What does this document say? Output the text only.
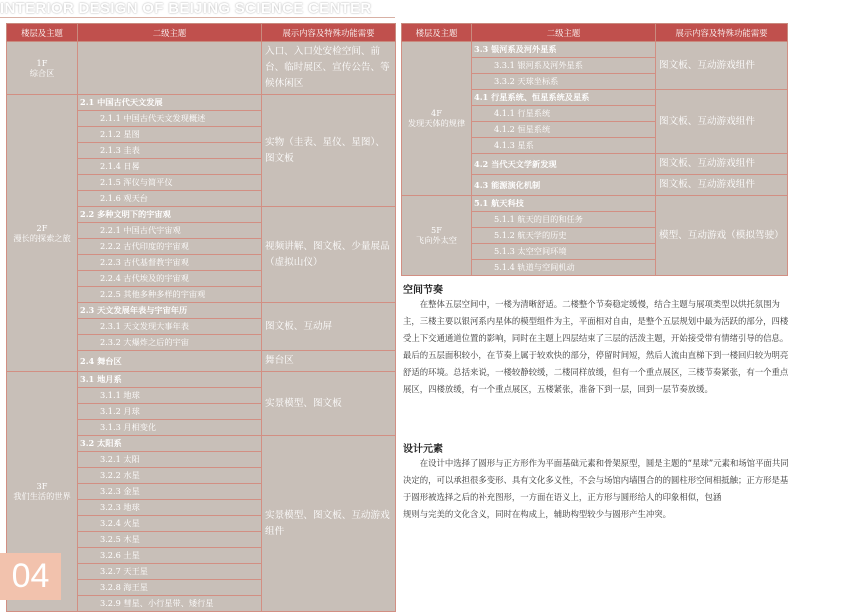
INTERIOR DESIGN OF BEIJING SCIENCE CENTER
楼层及主题	二级主题	展示内容及特殊功能需要
1F
综合区		入口、入口处安检空间、前台、临时展区、宣传公告、等候休闲区
2F
漫长的探索之旅	2.1 中国古代天文发展	实物（圭表、星仪、星图）、图文板
	2.1.1 中国古代天文发现概述	
	2.1.2 星图	
	2.1.3 圭表	
	2.1.4 日晷	
	2.1.5 浑仪与简平仪	
	2.1.6 观天台	
	2.2 多种文明下的宇宙观	视频讲解、图文板、少量展品（虚拟山仪）
	2.2.1 中国古代宇宙观	
	2.2.2 古代印度的宇宙观	
	2.2.3 古代基督教宇宙观	
	2.2.4 古代埃及的宇宙观	
	2.2.5 其他多种多样的宇宙观	
	2.3 天文发展年表与宇宙年历	图文板、互动屏
	2.3.1 天文发现大事年表	
	2.3.2 大爆炸之后的宇宙	
	2.4 舞台区	舞台区
3F
我们生活的世界	3.1 地月系	实景模型、图文板
	3.1.1 地球	
	3.1.2 月球	
	3.1.3 月相变化	
	3.2 太阳系	实景模型、图文板、互动游戏组件
	3.2.1 太阳	
	3.2.2 水星	
	3.2.3 金星	
	3.2.3 地球	
	3.2.4 火星	
	3.2.5 木星	
	3.2.6 土星	
	3.2.7 天王星	
	3.2.8 海王星	
	3.2.9 彗星、小行星带、矮行星	
楼层及主题	二级主题	展示内容及特殊功能需要
4F
发现天体的规律	3.3 银河系及河外星系	图文板、互动游戏组件
	3.3.1 银河系及河外星系	
	3.3.2 天球坐标系	
	4.1 行星系统、恒星系统及星系	图文板、互动游戏组件
	4.1.1 行星系统	
	4.1.2 恒星系统	
	4.1.3 星系	
	4.2 当代天文学新发现	图文板、互动游戏组件
	4.3 能源演化机制	图文板、互动游戏组件
5F
飞向外太空	5.1 航天科技	模型、互动游戏（模拟驾驶）
	5.1.1 航天的目的和任务	
	5.1.2 航天学的历史	
	5.1.3 太空空间环境	
	5.1.4 轨道与空间机动	
空间节奏

在整体五层空间中，一楼为清晰舒适。二楼整个节奏稳定缓慢，结合主题与展项类型以烘托氛围为主，三楼主要以银河系内星体的模型组件为主，平面相对自由，是整个五层规划中最为活跃的部分，四楼受上下交通通道位置的影响，同时在主题上四层结束了三层的活泼主题，开始接受带有情绪引导的信息。最后的五层面积较小，在节奏上属于较欢快的部分，停留时间短，然后人流由直梯下到一楼回归较为明亮舒适的环境。总括来说，一楼较静较缓，二楼同样放缓，但有一个重点展区，三楼节奏紧张，有一个重点展区，四楼放缓，有一个重点展区，五楼紧张，准备下到一层，回到一层节奏放缓。

设计元素

在设计中选择了圆形与正方形作为平面基础元素和骨架原型，圆是主题的“星球”元素和场馆平面共同决定的，可以承担很多变形、具有文化多义性，不会与场馆内墙围合的的圆柱形空间相抵触；正方形是基于圆形被选择之后的补充图形，一方面在语义上，正方形与圆形给人的印象相似，包涵

规则与完美的文化含义，同时在构成上，辅助构型较少与圆形产生冲突。

04
